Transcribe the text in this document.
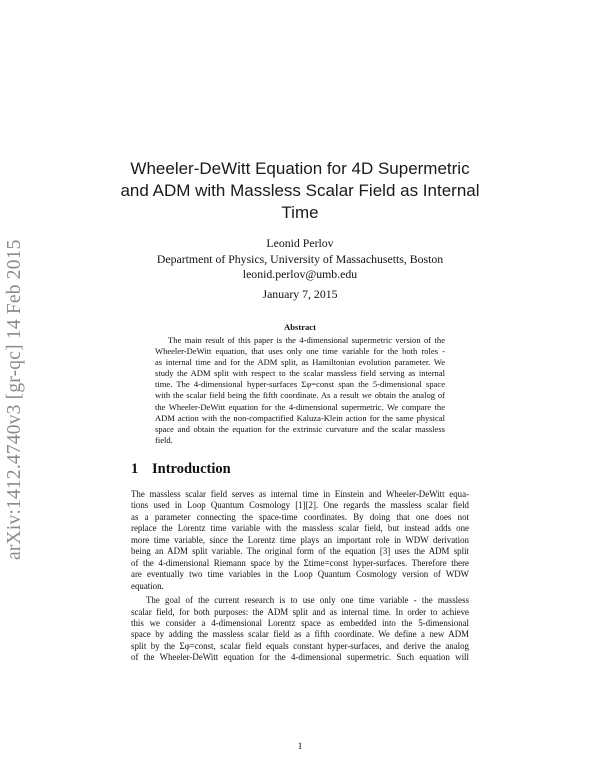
arXiv:1412.4740v3 [gr-qc] 14 Feb 2015
Wheeler-DeWitt Equation for 4D Supermetric
and ADM with Massless Scalar Field as Internal
Time
Leonid Perlov
Department of Physics, University of Massachusetts, Boston
leonid.perlov@umb.edu
January 7, 2015
Abstract
The main result of this paper is the 4-dimensional supermetric version of the
Wheeler-DeWitt equation, that uses only one time variable for the both roles -
as internal time and for the ADM split, as Hamiltonian evolution parameter. We
study the ADM split with respect to the scalar massless field serving as internal
time. The 4-dimensional hyper-surfaces Σφ=const span the 5-dimensional space
with the scalar field being the fifth coordinate. As a result we obtain the analog of
the Wheeler-DeWitt equation for the 4-dimensional supermetric. We compare the
ADM action with the non-compactified Kaluza-Klein action for the same physical
space and obtain the equation for the extrinsic curvature and the scalar massless
field.
1 Introduction
The massless scalar field serves as internal time in Einstein and Wheeler-DeWitt equa-
tions used in Loop Quantum Cosmology [1][2]. One regards the massless scalar field
as a parameter connecting the space-time coordinates. By doing that one does not
replace the Lorentz time variable with the massless scalar field, but instead adds one
more time variable, since the Lorentz time plays an important role in WDW derivation
being an ADM split variable. The original form of the equation [3] uses the ADM split
of the 4-dimensional Riemann space by the Σtime=const hyper-surfaces. Therefore there
are eventually two time variables in the Loop Quantum Cosmology version of WDW
equation.
The goal of the current research is to use only one time variable - the massless
scalar field, for both purposes: the ADM split and as internal time. In order to achieve
this we consider a 4-dimensional Lorentz space as embedded into the 5-dimensional
space by adding the massless scalar field as a fifth coordinate. We define a new ADM
split by the Σφ=const, scalar field equals constant hyper-surfaces, and derive the analog
of the Wheeler-DeWitt equation for the 4-dimensional supermetric. Such equation will
1
